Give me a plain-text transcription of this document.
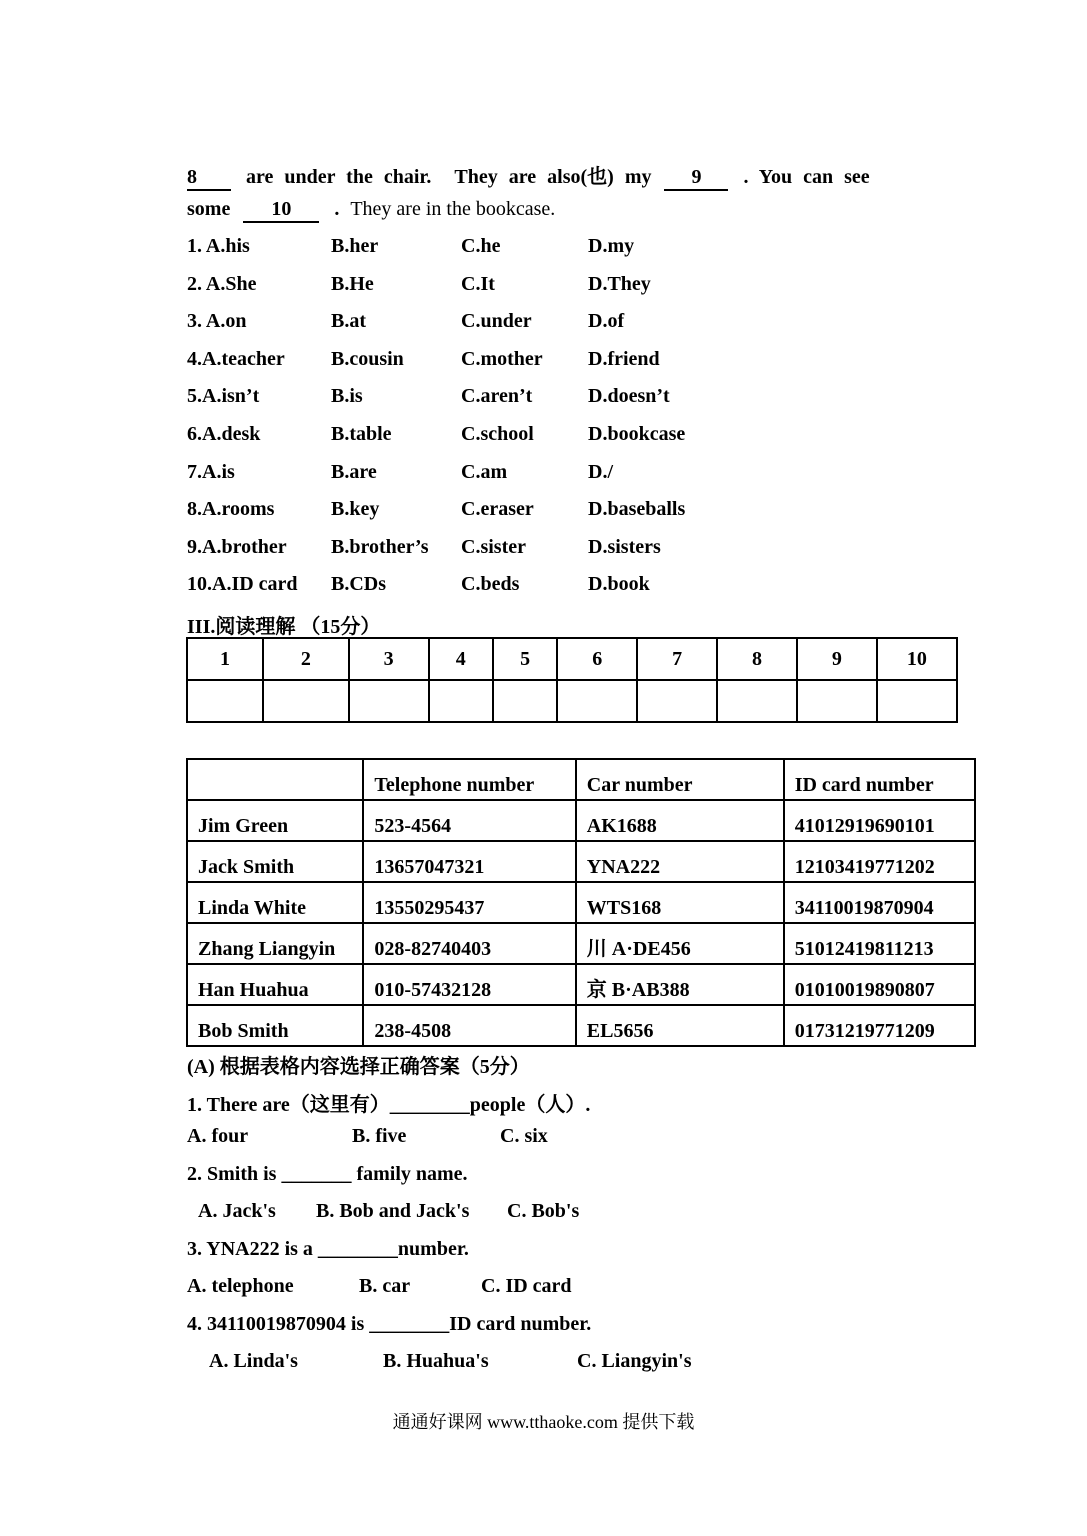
8 are under the chair. They are also(也) my 9 . You can see
some 10 . They are in the bookcase.
1. A.his	B.her	C.he	D.my
2. A.She	B.He	C.It	D.They
3. A.on	B.at	C.under	D.of
4.A.teacher B.cousin	C.mother D.friend
5.A.isn’t	B.is	C.aren’t	D.doesn’t
6.A.desk	B.table	C.school	D.bookcase
7.A.is	B.are	C.am	D./
8.A.rooms	B.key	C.eraser	D.baseballs
9.A.brother B.brother’s C.sister	D.sisters
10.A.ID card B.CDs	C.beds	D.book
III.阅读理解 （15分）
1	2	3	4	5	6	7	8	9	10

	Telephone number	Car number	ID card number
Jim Green	523-4564	AK1688	41012919690101
Jack Smith	13657047321	YNA222	12103419771202
Linda White	13550295437	WTS168	34110019870904
Zhang Liangyin	028-82740403	川 A·DE456	51012419811213
Han Huahua	010-57432128	京 B·AB388	01010019890807
Bob Smith	238-4508	EL5656	01731219771209
(A) 根据表格内容选择正确答案（5分）
1. There are（这里有）________people（人）.
A. four	B. five	C. six
2. Smith is _______ family name.
A. Jack's B. Bob and Jack's C. Bob's
3. YNA222 is a ________number.
A. telephone	B. car	C. ID card
4. 34110019870904 is ________ID card number.
A. Linda's	B. Huahua's	C. Liangyin's
通通好课网 www.tthaoke.com 提供下载
